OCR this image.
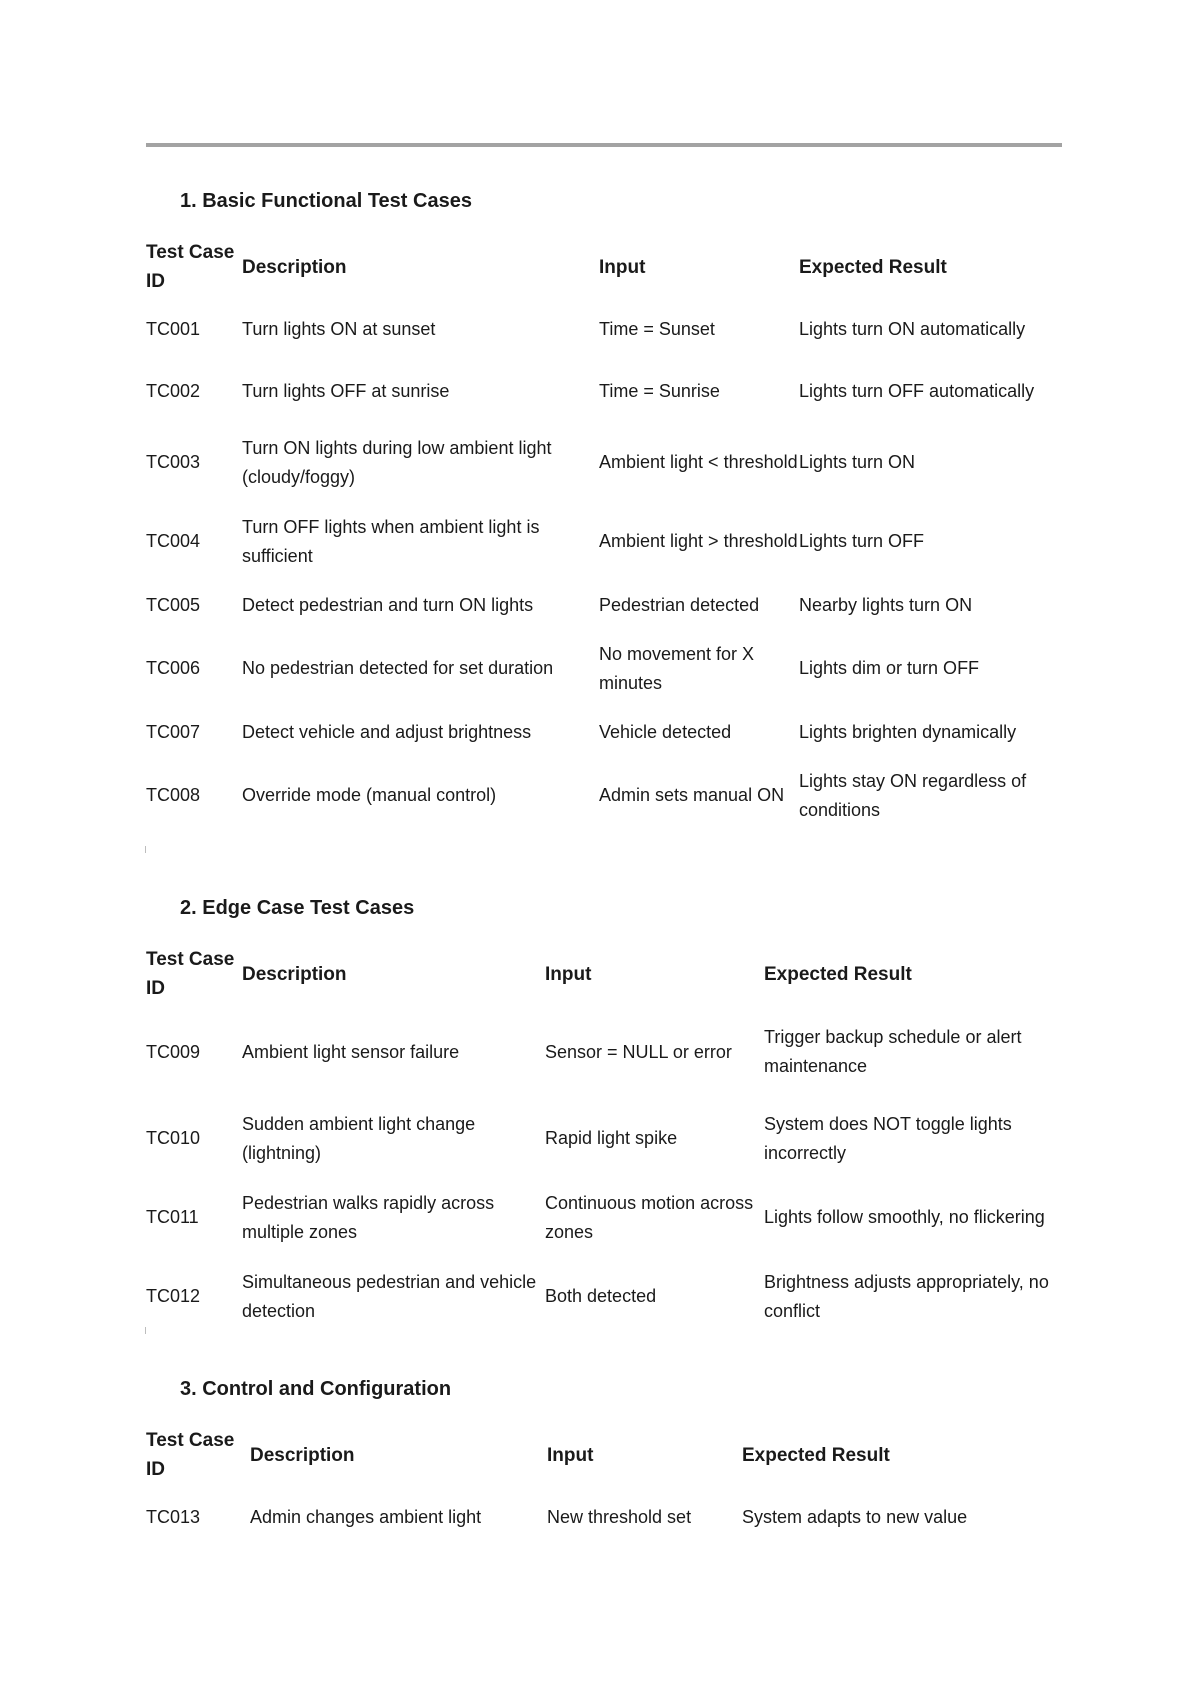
1. Basic Functional Test Cases
Test Case ID	Description	Input	Expected Result
TC001	Turn lights ON at sunset	Time = Sunset	Lights turn ON automatically
TC002	Turn lights OFF at sunrise	Time = Sunrise	Lights turn OFF automatically
TC003	Turn ON lights during low ambient light (cloudy/foggy)	Ambient light < threshold	Lights turn ON
TC004	Turn OFF lights when ambient light is sufficient	Ambient light > threshold	Lights turn OFF
TC005	Detect pedestrian and turn ON lights	Pedestrian detected	Nearby lights turn ON
TC006	No pedestrian detected for set duration	No movement for X minutes	Lights dim or turn OFF
TC007	Detect vehicle and adjust brightness	Vehicle detected	Lights brighten dynamically
TC008	Override mode (manual control)	Admin sets manual ON	Lights stay ON regardless of conditions
2. Edge Case Test Cases
Test Case ID	Description	Input	Expected Result
TC009	Ambient light sensor failure	Sensor = NULL or error	Trigger backup schedule or alert maintenance
TC010	Sudden ambient light change (lightning)	Rapid light spike	System does NOT toggle lights incorrectly
TC011	Pedestrian walks rapidly across multiple zones	Continuous motion across zones	Lights follow smoothly, no flickering
TC012	Simultaneous pedestrian and vehicle detection	Both detected	Brightness adjusts appropriately, no conflict
3. Control and Configuration
Test Case ID	Description	Input	Expected Result
TC013	Admin changes ambient light	New threshold set	System adapts to new value
